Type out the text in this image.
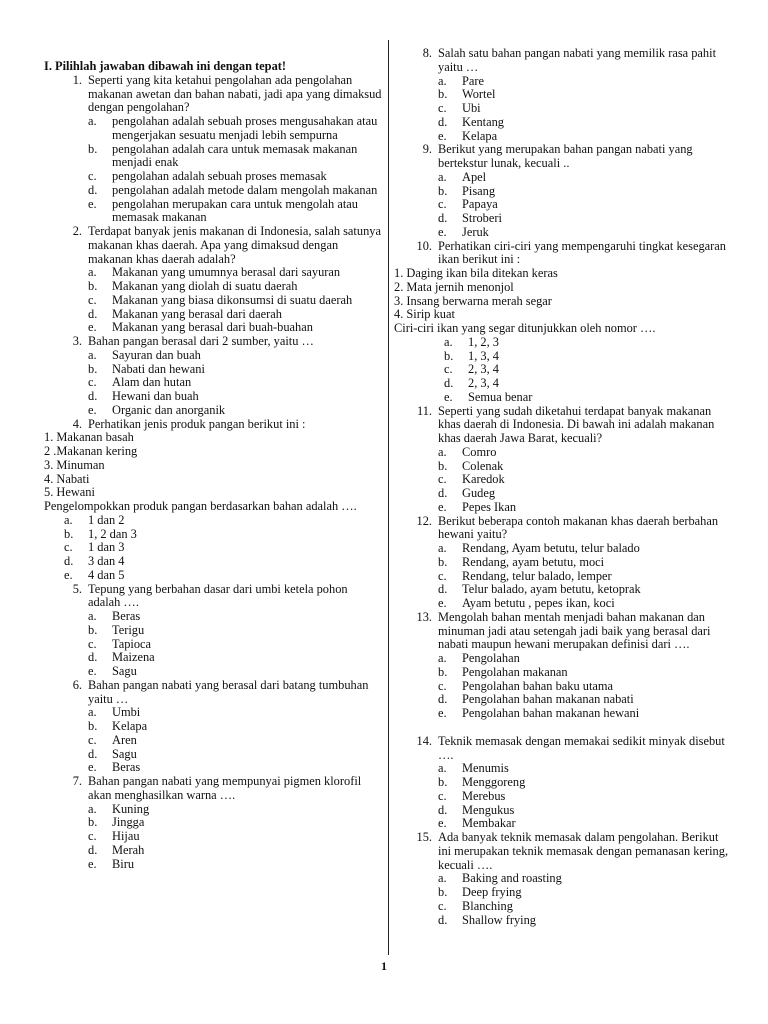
I. Pilihlah jawaban dibawah ini dengan tepat!

1. Seperti yang kita ketahui pengolahan ada pengolahan makanan awetan dan bahan nabati, jadi apa yang dimaksud dengan pengolahan?
a.	pengolahan adalah sebuah proses mengusahakan atau mengerjakan sesuatu menjadi lebih sempurna
b.	pengolahan adalah cara untuk memasak makanan menjadi enak
c.	pengolahan adalah sebuah proses memasak
d.	pengolahan adalah metode dalam mengolah makanan
e.	pengolahan merupakan cara untuk mengolah atau memasak makanan
2. Terdapat banyak jenis makanan di Indonesia, salah satunya makanan khas daerah. Apa yang dimaksud dengan makanan khas daerah adalah?
a.	Makanan yang umumnya berasal dari sayuran
b.	Makanan yang diolah di suatu daerah
c.	Makanan yang biasa dikonsumsi di suatu daerah
d.	Makanan yang berasal dari daerah
e.	Makanan yang berasal dari buah-buahan
3. Bahan pangan berasal dari 2 sumber, yaitu …
a.	Sayuran dan buah
b.	Nabati dan hewani
c.	Alam dan hutan
d.	Hewani dan buah
e.	Organic dan anorganik
4. Perhatikan jenis produk pangan berikut ini :

1. Makanan basah

2 .Makanan kering

3. Minuman

4. Nabati

5. Hewani

Pengelompokkan produk pangan berdasarkan bahan adalah ….

a.	1 dan 2
b.	1, 2 dan 3
c.	1 dan 3
d.	3 dan 4
e.	4 dan 5
5. Tepung yang berbahan dasar dari umbi ketela pohon adalah ….
a.	Beras
b.	Terigu
c.	Tapioca
d.	Maizena
e.	Sagu
6. Bahan pangan nabati yang berasal dari batang tumbuhan yaitu …
a.	Umbi
b.	Kelapa
c.	Aren
d.	Sagu
e.	Beras
7. Bahan pangan nabati yang mempunyai pigmen klorofil akan menghasilkan warna ….
a.	Kuning
b.	Jingga
c.	Hijau
d.	Merah
e.	Biru
8. Salah satu bahan pangan nabati yang memilik rasa pahit yaitu …
a.	Pare
b.	Wortel
c.	Ubi
d.	Kentang
e.	Kelapa
9. Berikut yang merupakan bahan pangan nabati yang bertekstur lunak, kecuali ..
a.	Apel
b.	Pisang
c.	Papaya
d.	Stroberi
e.	Jeruk
10. Perhatikan ciri-ciri yang mempengaruhi tingkat kesegaran ikan berikut ini :

1. Daging ikan bila ditekan keras

2. Mata jernih menonjol

3. Insang berwarna merah segar

4. Sirip kuat

Ciri-ciri ikan yang segar ditunjukkan oleh nomor ….

a.	1, 2, 3
b.	1, 3, 4
c.	2, 3, 4
d.	2, 3, 4
e.	Semua benar
11. Seperti yang sudah diketahui terdapat banyak makanan khas daerah di Indonesia. Di bawah ini adalah makanan khas daerah Jawa Barat, kecuali?
a.	Comro
b.	Colenak
c.	Karedok
d.	Gudeg
e.	Pepes Ikan
12. Berikut beberapa contoh makanan khas daerah berbahan hewani yaitu?
a.	Rendang, Ayam betutu, telur balado
b.	Rendang, ayam betutu, moci
c.	Rendang, telur balado, lemper
d.	Telur balado, ayam betutu, ketoprak
e.	Ayam betutu , pepes ikan, koci
13. Mengolah bahan mentah menjadi bahan makanan dan minuman jadi atau setengah jadi baik yang berasal dari nabati maupun hewani merupakan definisi dari ….
a.	Pengolahan
b.	Pengolahan makanan
c.	Pengolahan bahan baku utama
d.	Pengolahan bahan makanan nabati
e.	Pengolahan bahan makanan hewani
14. Teknik memasak dengan memakai sedikit minyak disebut ….
a.	Menumis
b.	Menggoreng
c.	Merebus
d.	Mengukus
e.	Membakar
15. Ada banyak teknik memasak dalam pengolahan. Berikut ini merupakan teknik memasak dengan pemanasan kering, kecuali ….
a.	Baking and roasting
b.	Deep frying
c.	Blanching
d.	Shallow frying
1
